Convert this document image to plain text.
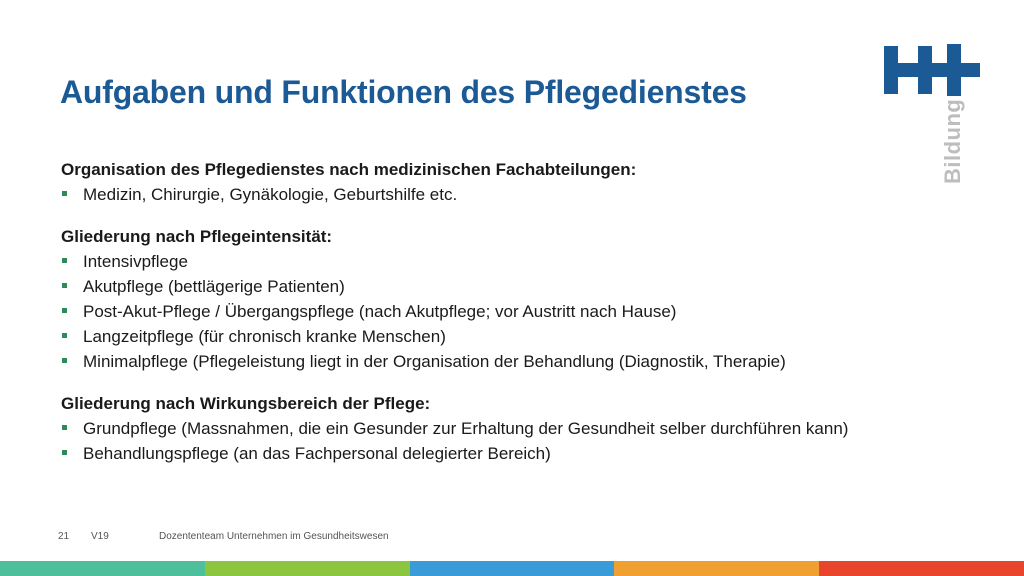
Aufgaben und Funktionen des Pflegedienstes
Bildung

Organisation des Pflegedienstes nach medizinischen Fachabteilungen:

Medizin, Chirurgie, Gynäkologie, Geburtshilfe etc.

Gliederung nach Pflegeintensität:

Intensivpflege
Akutpflege (bettlägerige Patienten)
Post-Akut-Pflege / Übergangspflege (nach Akutpflege; vor Austritt nach Hause)
Langzeitpflege (für chronisch kranke Menschen)
Minimalpflege (Pflegeleistung liegt in der Organisation der Behandlung (Diagnostik, Therapie)

Gliederung nach Wirkungsbereich der Pflege:

Grundpflege (Massnahmen, die ein Gesunder zur Erhaltung der Gesundheit selber durchführen kann)
Behandlungspflege (an das Fachpersonal delegierter Bereich)
21 V19	Dozententeam Unternehmen im Gesundheitswesen
